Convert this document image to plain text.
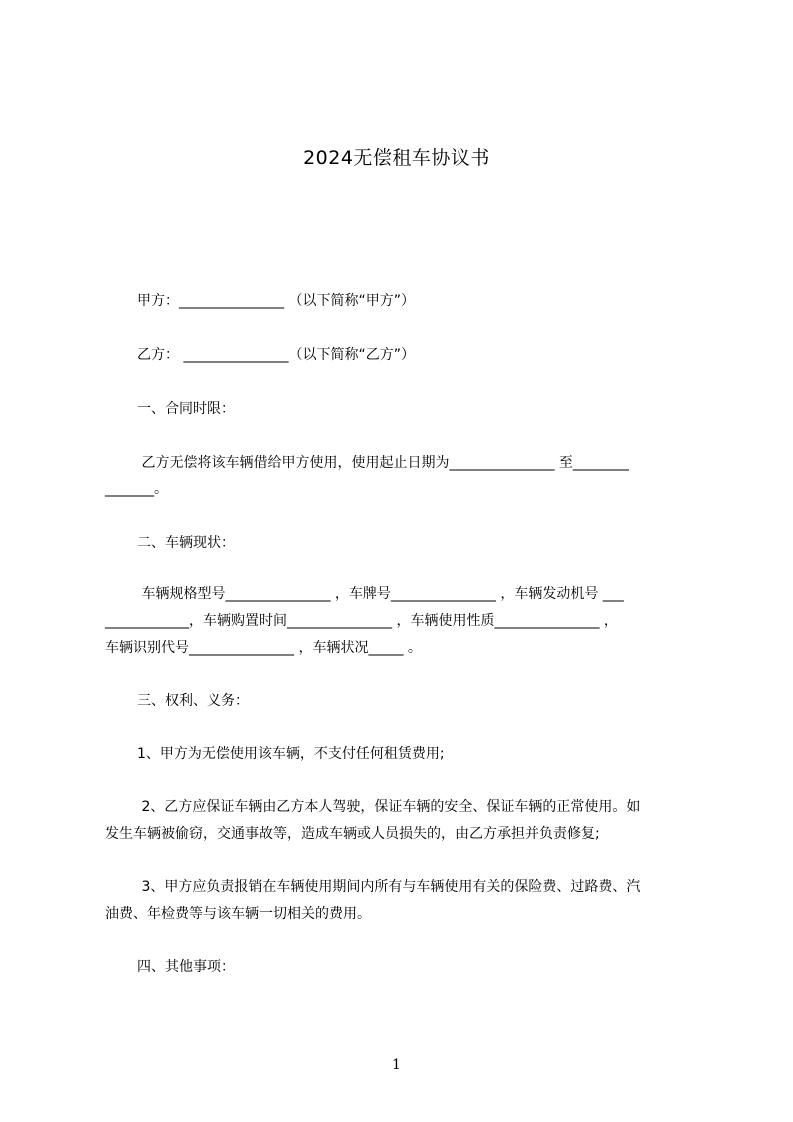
2024无偿租车协议书
甲方：_______________ （以下简称“甲方”）
乙方： _______________（以下简称“乙方”）
一、合同时限：
乙方无偿将该车辆借给甲方使用，使用起止日期为_______________ 至________
_______。
二、车辆现状：
车辆规格型号_______________ ，车牌号_______________ ，车辆发动机号 ___
____________，车辆购置时间_______________ ，车辆使用性质_______________ ，
车辆识别代号_______________ ，车辆状况_____ 。
三、权利、义务：
1、甲方为无偿使用该车辆，不支付任何租赁费用;
2、乙方应保证车辆由乙方本人驾驶，保证车辆的安全、保证车辆的正常使用。如
发生车辆被偷窃，交通事故等，造成车辆或人员损失的，由乙方承担并负责修复;
3、甲方应负责报销在车辆使用期间内所有与车辆使用有关的保险费、过路费、汽
油费、年检费等与该车辆一切相关的费用。
四、其他事项：
1
